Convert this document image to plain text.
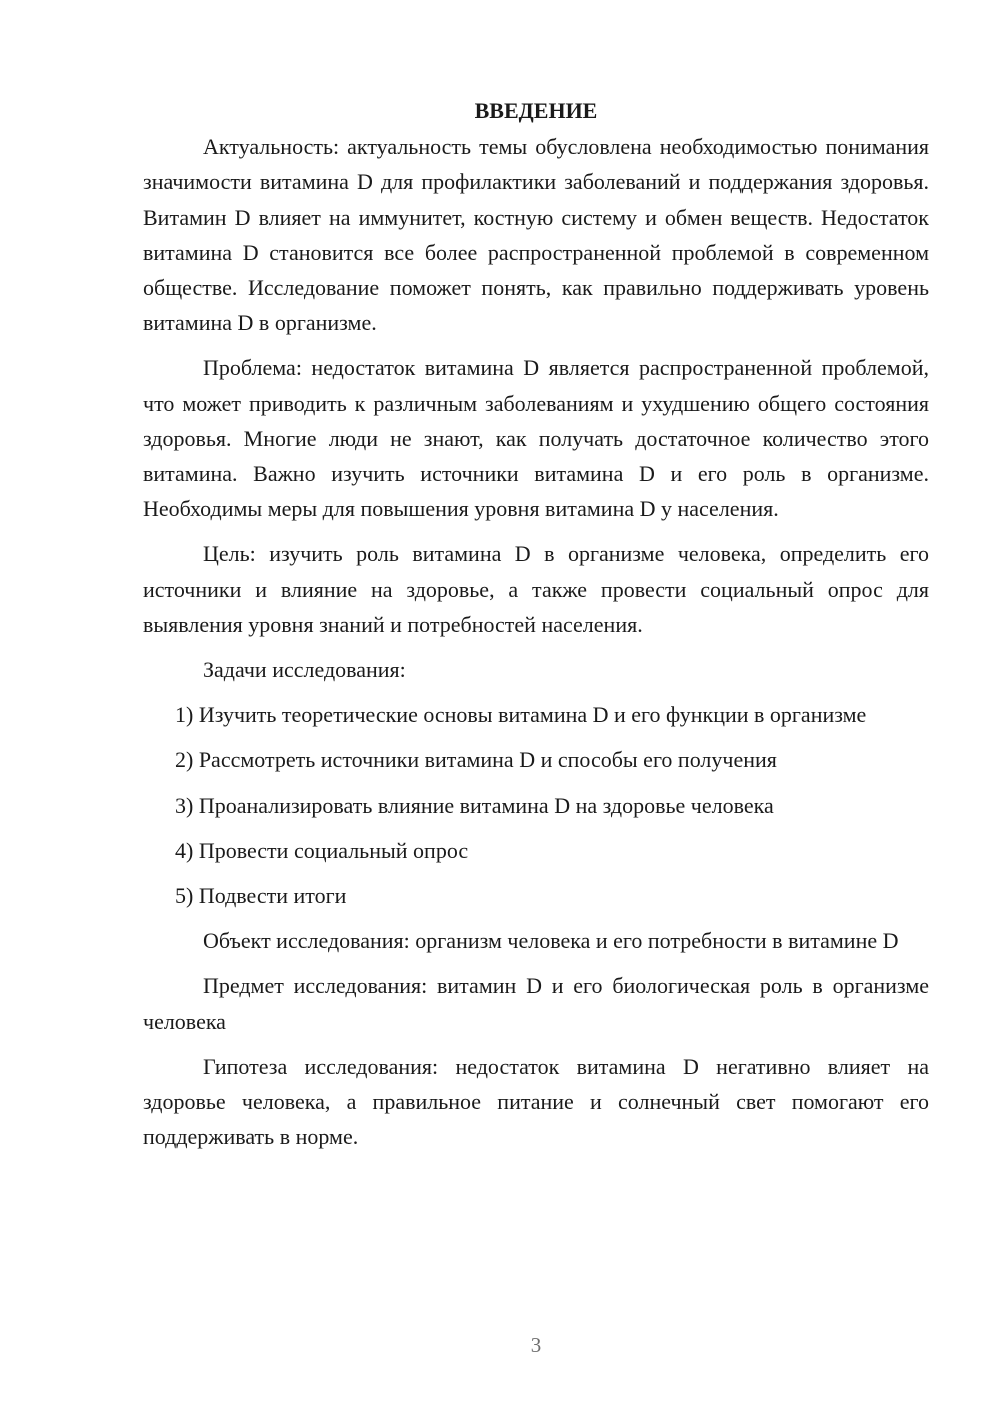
ВВЕДЕНИЕ

Актуальность: актуальность темы обусловлена необходимостью понимания значимости витамина D для профилактики заболеваний и поддержания здоровья. Витамин D влияет на иммунитет, костную систему и обмен веществ. Недостаток витамина D становится все более распространенной проблемой в современном обществе. Исследование поможет понять, как правильно поддерживать уровень витамина D в организме.

Проблема: недостаток витамина D является распространенной проблемой, что может приводить к различным заболеваниям и ухудшению общего состояния здоровья. Многие люди не знают, как получать достаточное количество этого витамина. Важно изучить источники витамина D и его роль в организме. Необходимы меры для повышения уровня витамина D у населения.

Цель: изучить роль витамина D в организме человека, определить его источники и влияние на здоровье, а также провести социальный опрос для выявления уровня знаний и потребностей населения.

Задачи исследования:

1) Изучить теоретические основы витамина D и его функции в организме

2) Рассмотреть источники витамина D и способы его получения

3) Проанализировать влияние витамина D на здоровье человека

4) Провести социальный опрос

5) Подвести итоги

Объект исследования: организм человека и его потребности в витамине D

Предмет исследования: витамин D и его биологическая роль в организме человека

Гипотеза исследования: недостаток витамина D негативно влияет на здоровье человека, а правильное питание и солнечный свет помогают его поддерживать в норме.

3
